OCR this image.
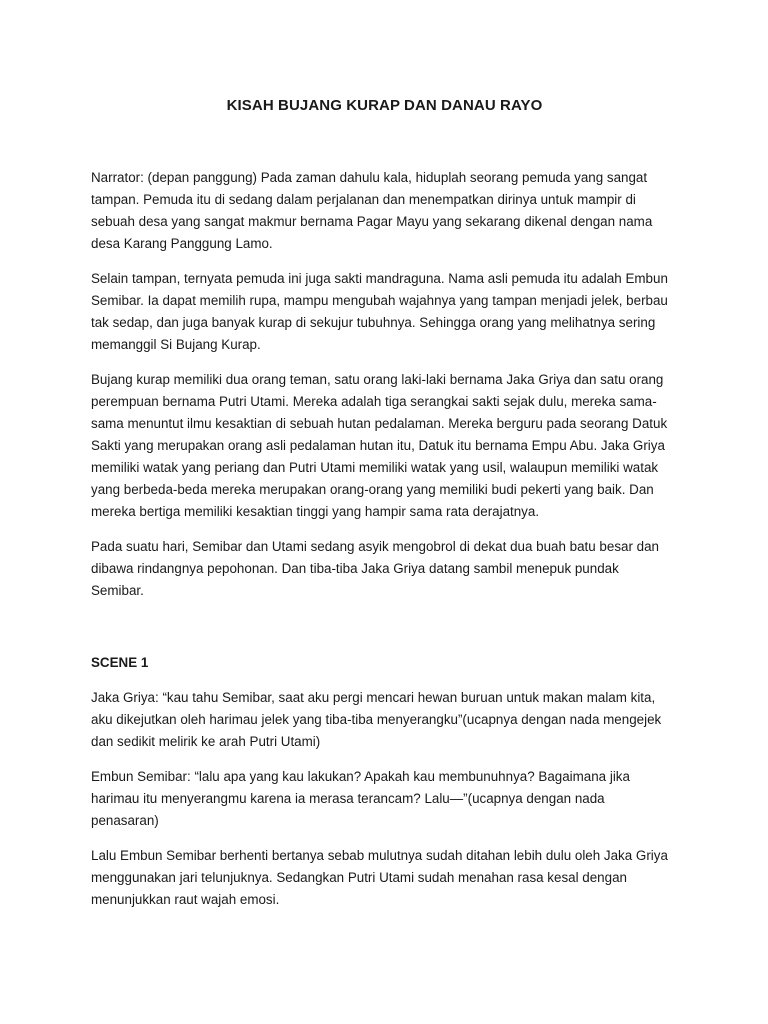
KISAH BUJANG KURAP DAN DANAU RAYO

Narrator: (depan panggung) Pada zaman dahulu kala, hiduplah seorang pemuda yang sangat tampan. Pemuda itu di sedang dalam perjalanan dan menempatkan dirinya untuk mampir di sebuah desa yang sangat makmur bernama Pagar Mayu yang sekarang dikenal dengan nama desa Karang Panggung Lamo.

Selain tampan, ternyata pemuda ini juga sakti mandraguna. Nama asli pemuda itu adalah Embun Semibar. Ia dapat memilih rupa, mampu mengubah wajahnya yang tampan menjadi jelek, berbau tak sedap, dan juga banyak kurap di sekujur tubuhnya. Sehingga orang yang melihatnya sering memanggil Si Bujang Kurap.

Bujang kurap memiliki dua orang teman, satu orang laki-laki bernama Jaka Griya dan satu orang perempuan bernama Putri Utami. Mereka adalah tiga serangkai sakti sejak dulu, mereka sama-sama menuntut ilmu kesaktian di sebuah hutan pedalaman. Mereka berguru pada seorang Datuk Sakti yang merupakan orang asli pedalaman hutan itu, Datuk itu bernama Empu Abu. Jaka Griya memiliki watak yang periang dan Putri Utami memiliki watak yang usil, walaupun memiliki watak yang berbeda-beda mereka merupakan orang-orang yang memiliki budi pekerti yang baik. Dan mereka bertiga memiliki kesaktian tinggi yang hampir sama rata derajatnya.

Pada suatu hari, Semibar dan Utami sedang asyik mengobrol di dekat dua buah batu besar dan dibawa rindangnya pepohonan. Dan tiba-tiba Jaka Griya datang sambil menepuk pundak Semibar.

SCENE 1

Jaka Griya: “kau tahu Semibar, saat aku pergi mencari hewan buruan untuk makan malam kita, aku dikejutkan oleh harimau jelek yang tiba-tiba menyerangku”(ucapnya dengan nada mengejek dan sedikit melirik ke arah Putri Utami)

Embun Semibar: “lalu apa yang kau lakukan? Apakah kau membunuhnya? Bagaimana jika harimau itu menyerangmu karena ia merasa terancam? Lalu—”(ucapnya dengan nada penasaran)

Lalu Embun Semibar berhenti bertanya sebab mulutnya sudah ditahan lebih dulu oleh Jaka Griya menggunakan jari telunjuknya. Sedangkan Putri Utami sudah menahan rasa kesal dengan menunjukkan raut wajah emosi.
